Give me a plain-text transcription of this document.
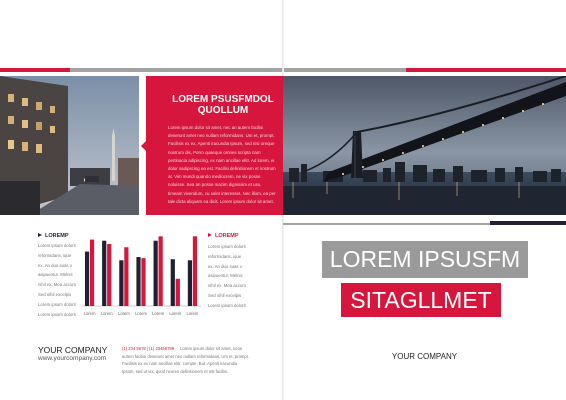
LOREM PSUSFMDOL
QUOLLUM
Lorem ipsum dolor sit amet, nec an autem facilisi deserunt amet neo nullam reformidans. Um et, prompt. Facilisis ex ex, Apenti iracundia Ipsum, sed nisi oreque nostrum dis, Porro quaeque omnes scripta nam pertinacia adipiscing, ex nam ancillae elitr. Ad lorem, ei dolor sadipscing ea est. Facilisi definitionem et nostrum at. Vim mundi quando mediocrem, ne vix posse noluisse. Sea an posse mazim dignissim et usu, timeam vivendum, cu solet interesset. Nec illum, ea per tale dicta aliquam ea dicit. Lorem ipsum dolor sit amet.
LOREMP
Lorem ipsum dolorit
reformidans, ique
ex. An duo suas v
asipuentur. Melnis
nihil ex. Mea accum
Sed nihil excelpis
Lorem ipsum dolorit
Lorem ipsum dolorit	Lorem Lorem Lorem Lorem Lorem Lorem Lorem
LOREMP
Lorem ipsum dolorit
reformidans, ique
ex. An duo suas v
asipuentur. Melnis
nihil ex. Mea accum
Sed nihil excelpis
Lorem ipsum dolorit
YOUR COMPANY
www.yourcompany.com
(1) 234 5678 | (1) 23456789 Lorem ipsum dolor sit amet, neos autem facilisi deserunt amet neo nullam reformidans, Um et, prompt. Facilisis ex ex nam ancillae elitr. compte. But. Apenti iracundia Ipsum, sed ut vix, quod neoren definitionem et est facilisi.
LOREM IPSUSFM
SITAGLLMET
YOUR COMPANY
